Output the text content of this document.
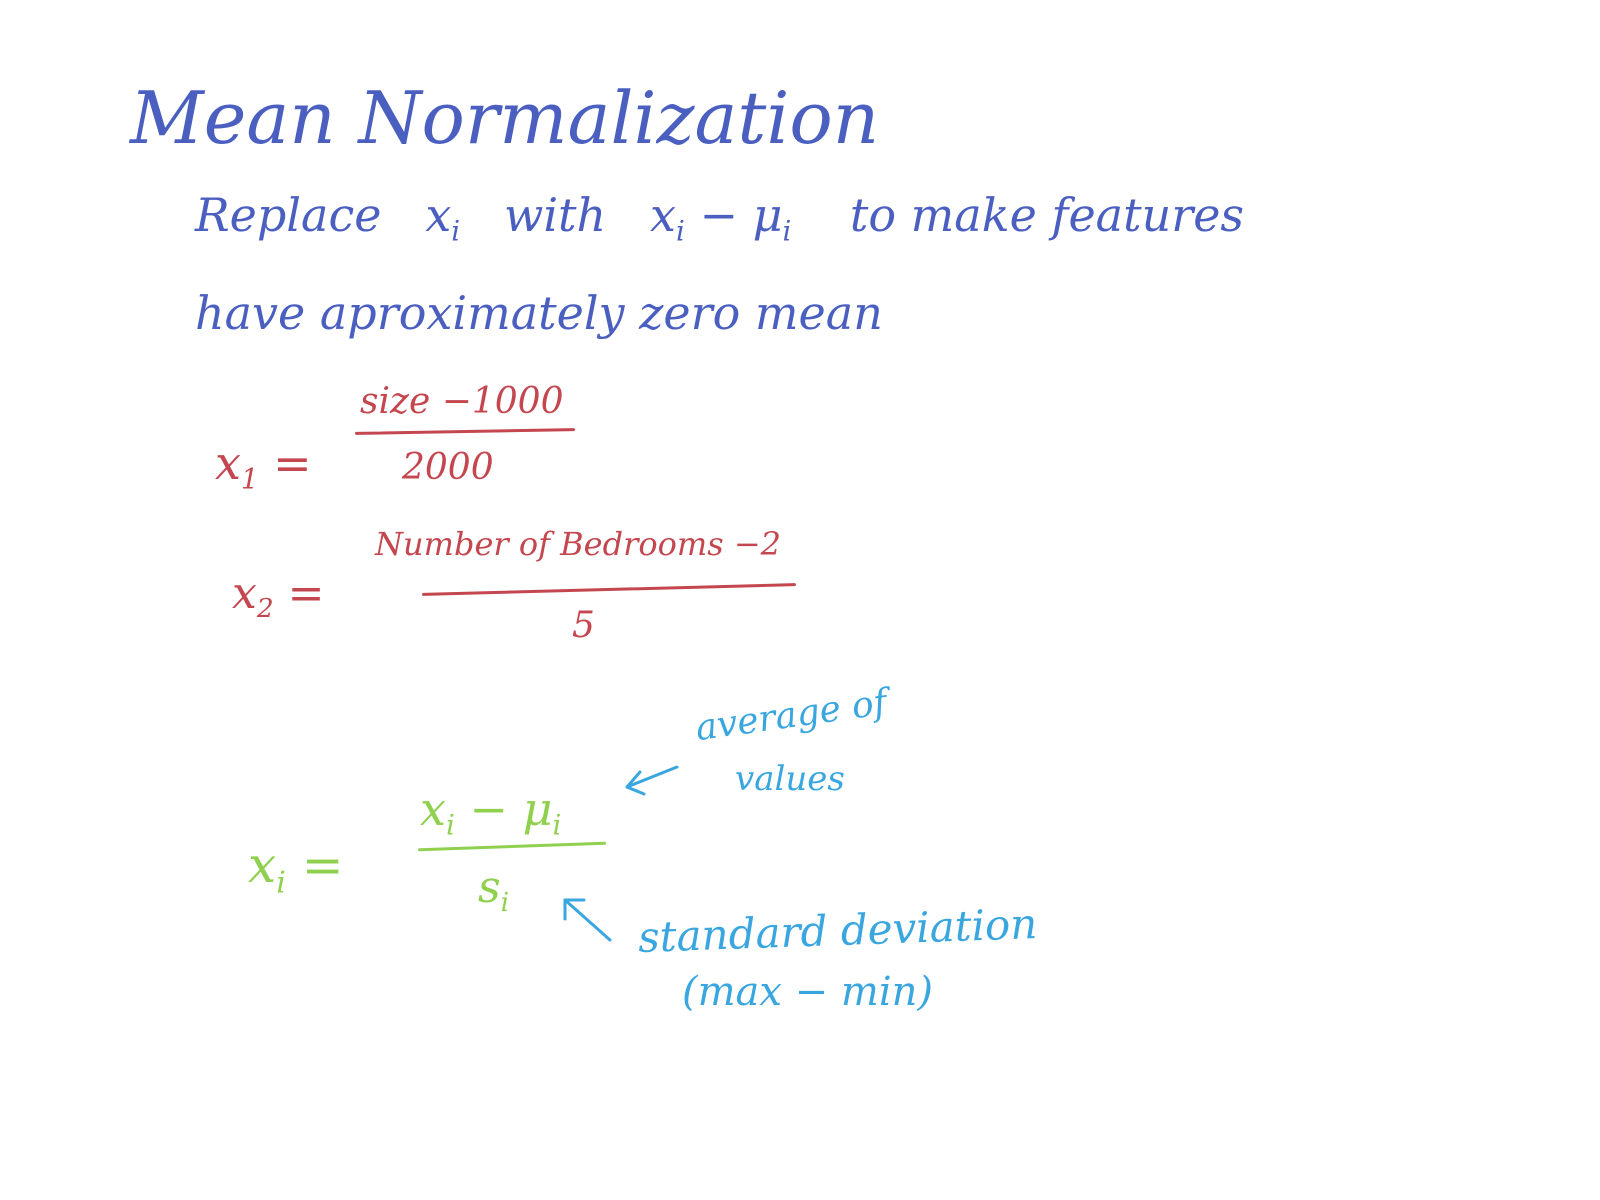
Mean Normalization
Replace $x_i$ with $x_i - \mu_i$ to make features
have aproximately zero mean
$x_1$ =
size −1000
2000
$x_2$ =
Number of Bedrooms −2
5
$x_i$ =
$x_i - \mu_i$
$s_i$
average of
values
standard deviation
(max − min)
